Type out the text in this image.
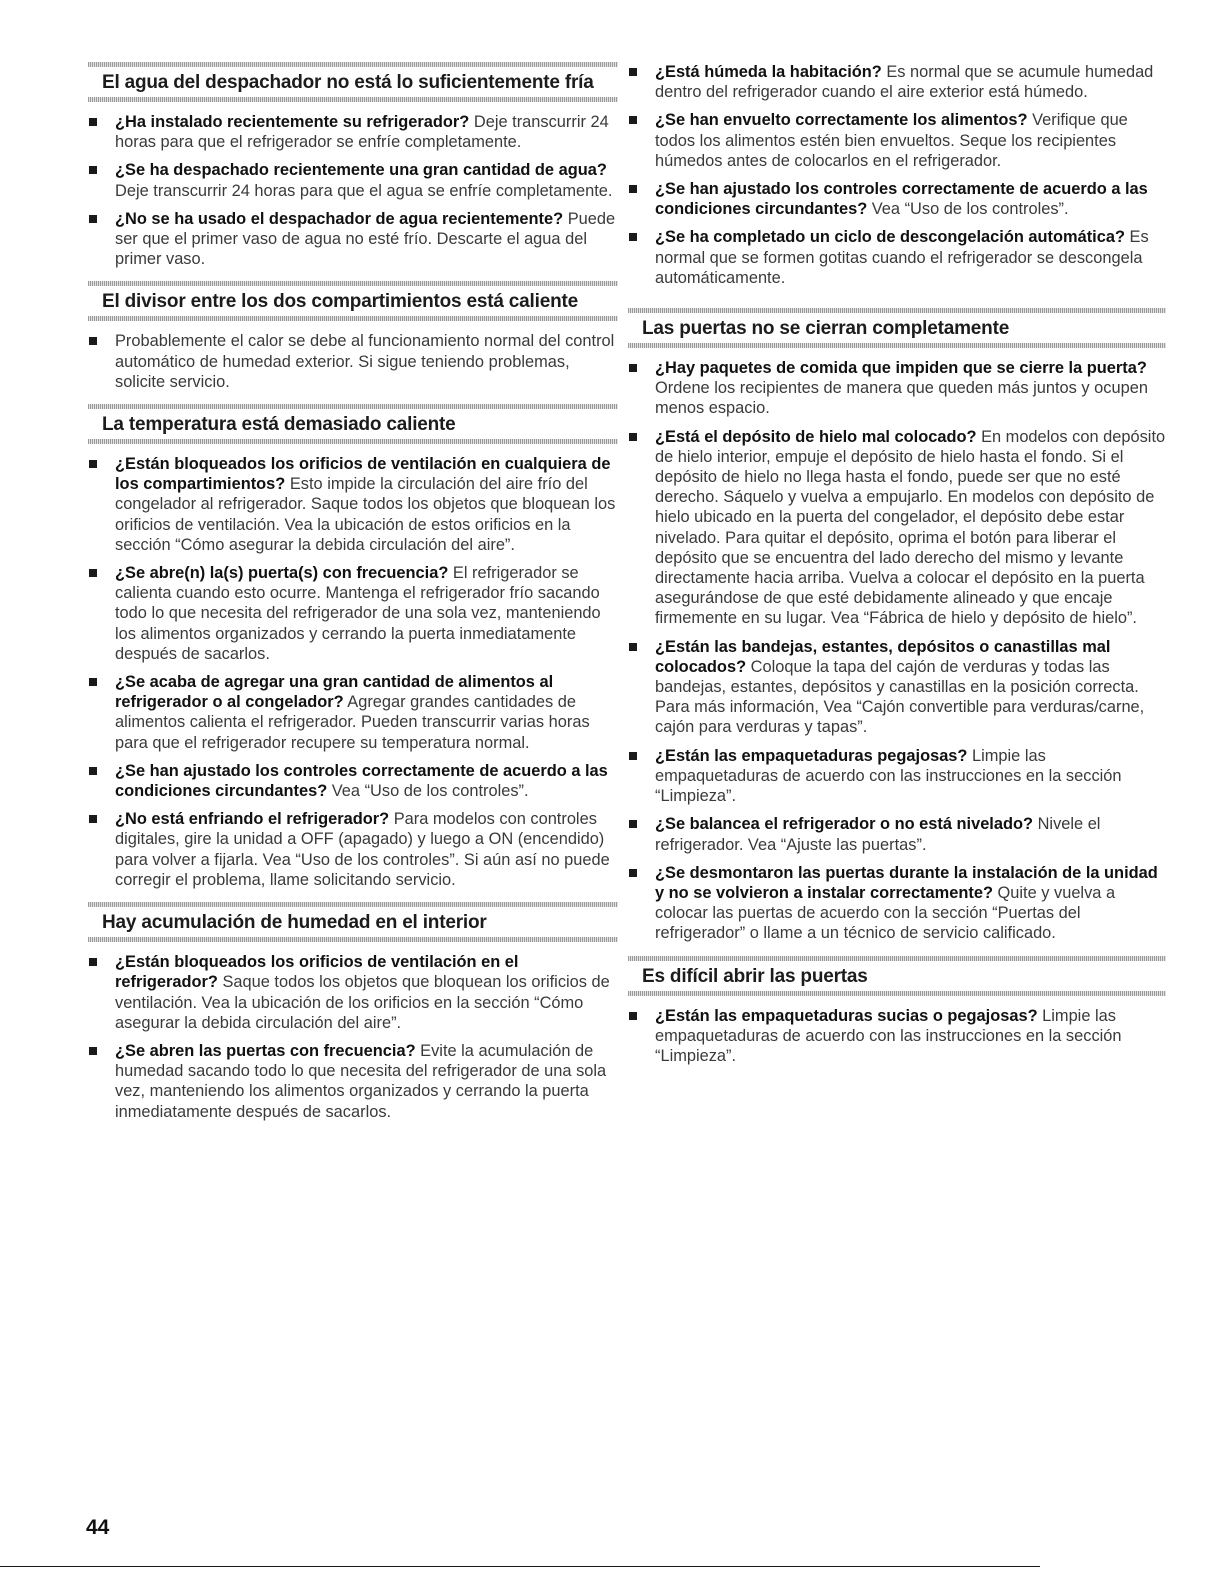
El agua del despachador no está lo suficientemente fría
¿Ha instalado recientemente su refrigerador? Deje transcurrir 24 horas para que el refrigerador se enfríe completamente.
¿Se ha despachado recientemente una gran cantidad de agua? Deje transcurrir 24 horas para que el agua se enfríe completamente.
¿No se ha usado el despachador de agua recientemente? Puede ser que el primer vaso de agua no esté frío. Descarte el agua del primer vaso.
El divisor entre los dos compartimientos está caliente
Probablemente el calor se debe al funcionamiento normal del control automático de humedad exterior. Si sigue teniendo problemas, solicite servicio.
La temperatura está demasiado caliente
¿Están bloqueados los orificios de ventilación en cualquiera de los compartimientos? Esto impide la circulación del aire frío del congelador al refrigerador. Saque todos los objetos que bloquean los orificios de ventilación. Vea la ubicación de estos orificios en la sección “Cómo asegurar la debida circulación del aire”.
¿Se abre(n) la(s) puerta(s) con frecuencia? El refrigerador se calienta cuando esto ocurre. Mantenga el refrigerador frío sacando todo lo que necesita del refrigerador de una sola vez, manteniendo los alimentos organizados y cerrando la puerta inmediatamente después de sacarlos.
¿Se acaba de agregar una gran cantidad de alimentos al refrigerador o al congelador? Agregar grandes cantidades de alimentos calienta el refrigerador. Pueden transcurrir varias horas para que el refrigerador recupere su temperatura normal.
¿Se han ajustado los controles correctamente de acuerdo a las condiciones circundantes? Vea “Uso de los controles”.
¿No está enfriando el refrigerador? Para modelos con controles digitales, gire la unidad a OFF (apagado) y luego a ON (encendido) para volver a fijarla. Vea “Uso de los controles”. Si aún así no puede corregir el problema, llame solicitando servicio.
Hay acumulación de humedad en el interior
¿Están bloqueados los orificios de ventilación en el refrigerador? Saque todos los objetos que bloquean los orificios de ventilación. Vea la ubicación de los orificios en la sección “Cómo asegurar la debida circulación del aire”.
¿Se abren las puertas con frecuencia? Evite la acumulación de humedad sacando todo lo que necesita del refrigerador de una sola vez, manteniendo los alimentos organizados y cerrando la puerta inmediatamente después de sacarlos.
¿Está húmeda la habitación? Es normal que se acumule humedad dentro del refrigerador cuando el aire exterior está húmedo.
¿Se han envuelto correctamente los alimentos? Verifique que todos los alimentos estén bien envueltos. Seque los recipientes húmedos antes de colocarlos en el refrigerador.
¿Se han ajustado los controles correctamente de acuerdo a las condiciones circundantes? Vea “Uso de los controles”.
¿Se ha completado un ciclo de descongelación automática? Es normal que se formen gotitas cuando el refrigerador se descongela automáticamente.
Las puertas no se cierran completamente
¿Hay paquetes de comida que impiden que se cierre la puerta? Ordene los recipientes de manera que queden más juntos y ocupen menos espacio.
¿Está el depósito de hielo mal colocado? En modelos con depósito de hielo interior, empuje el depósito de hielo hasta el fondo. Si el depósito de hielo no llega hasta el fondo, puede ser que no esté derecho. Sáquelo y vuelva a empujarlo. En modelos con depósito de hielo ubicado en la puerta del congelador, el depósito debe estar nivelado. Para quitar el depósito, oprima el botón para liberar el depósito que se encuentra del lado derecho del mismo y levante directamente hacia arriba. Vuelva a colocar el depósito en la puerta asegurándose de que esté debidamente alineado y que encaje firmemente en su lugar. Vea “Fábrica de hielo y depósito de hielo”.
¿Están las bandejas, estantes, depósitos o canastillas mal colocados? Coloque la tapa del cajón de verduras y todas las bandejas, estantes, depósitos y canastillas en la posición correcta. Para más información, Vea “Cajón convertible para verduras/carne, cajón para verduras y tapas”.
¿Están las empaquetaduras pegajosas? Limpie las empaquetaduras de acuerdo con las instrucciones en la sección “Limpieza”.
¿Se balancea el refrigerador o no está nivelado? Nivele el refrigerador. Vea “Ajuste las puertas”.
¿Se desmontaron las puertas durante la instalación de la unidad y no se volvieron a instalar correctamente? Quite y vuelva a colocar las puertas de acuerdo con la sección “Puertas del refrigerador” o llame a un técnico de servicio calificado.
Es difícil abrir las puertas
¿Están las empaquetaduras sucias o pegajosas? Limpie las empaquetaduras de acuerdo con las instrucciones en la sección “Limpieza”.
44
